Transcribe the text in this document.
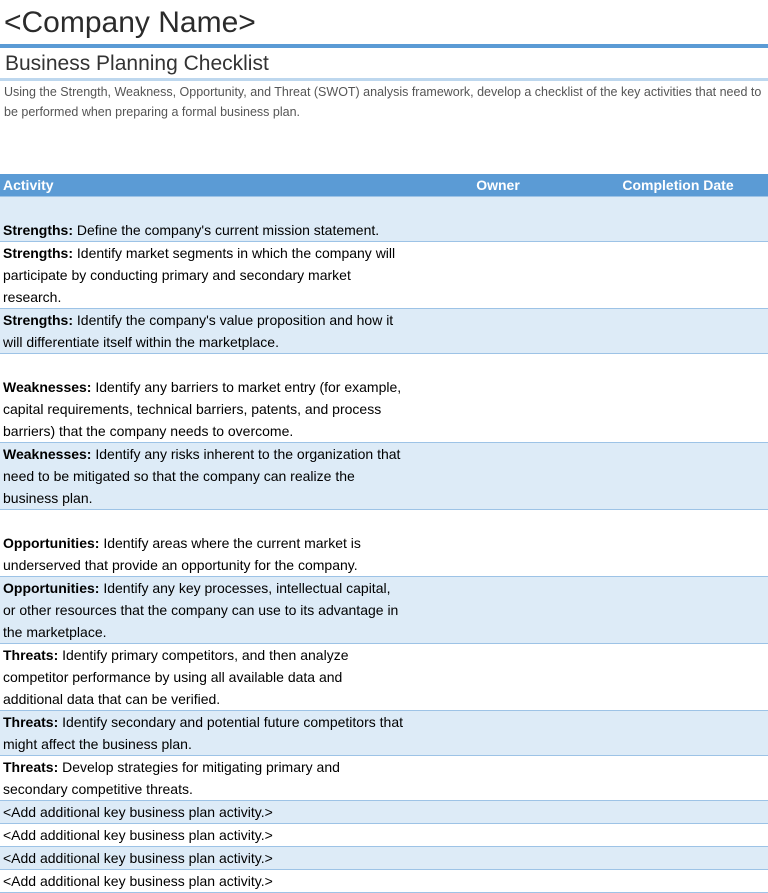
<Company Name>
Business Planning Checklist
Using the Strength, Weakness, Opportunity, and Threat (SWOT) analysis framework, develop a checklist of the key activities that need to be performed when preparing a formal business plan.
Activity	Owner	Completion Date
Strengths: Define the company's current mission statement.		
Strengths: Identify market segments in which the company will participate by conducting primary and secondary market research.		
Strengths: Identify the company's value proposition and how it will differentiate itself within the marketplace.		
Weaknesses: Identify any barriers to market entry (for example, capital requirements, technical barriers, patents, and process barriers) that the company needs to overcome.		
Weaknesses: Identify any risks inherent to the organization that need to be mitigated so that the company can realize the business plan.		
Opportunities: Identify areas where the current market is underserved that provide an opportunity for the company.		
Opportunities: Identify any key processes, intellectual capital, or other resources that the company can use to its advantage in the marketplace.		
Threats: Identify primary competitors, and then analyze competitor performance by using all available data and additional data that can be verified.		
Threats: Identify secondary and potential future competitors that might affect the business plan.		
Threats: Develop strategies for mitigating primary and secondary competitive threats.		
<Add additional key business plan activity.>		
<Add additional key business plan activity.>		
<Add additional key business plan activity.>		
<Add additional key business plan activity.>		
